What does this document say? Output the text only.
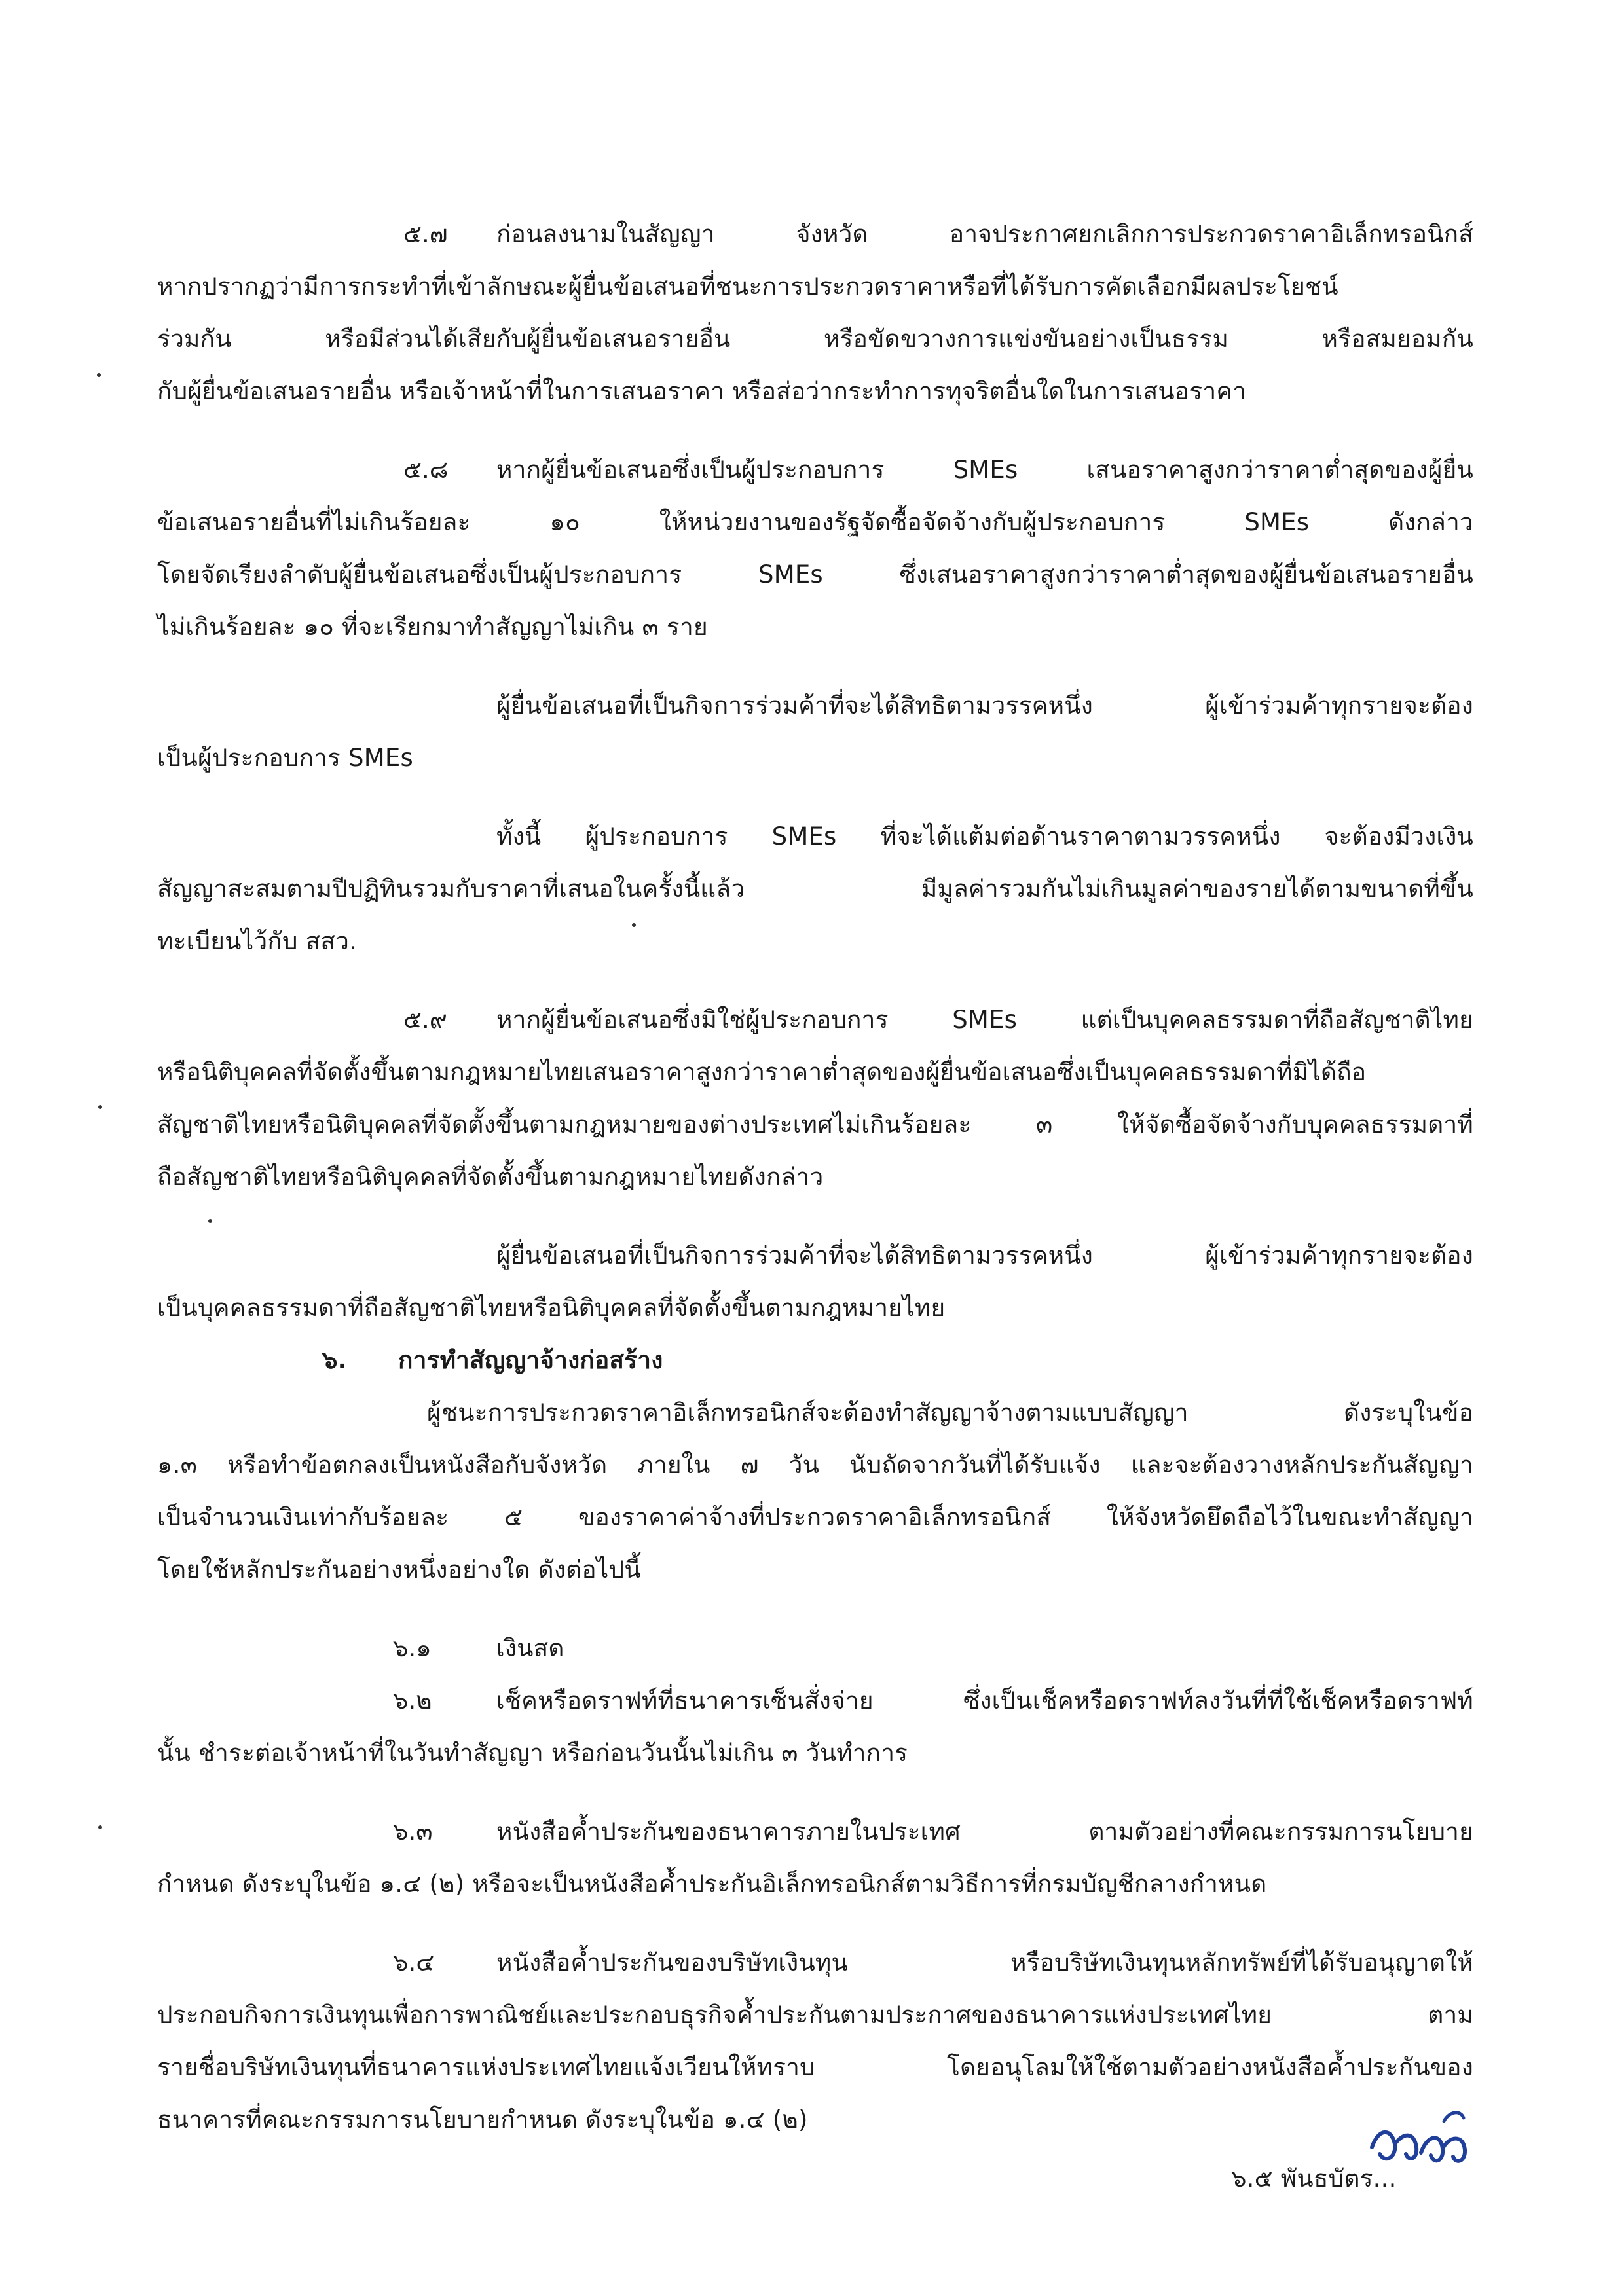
๕.๗ ก่อนลงนามในสัญญา จังหวัด อาจประกาศยกเลิกการประกวดราคาอิเล็กทรอนิกส์

หากปรากฏว่ามีการกระทำที่เข้าลักษณะผู้ยื่นข้อเสนอที่ชนะการประกวดราคาหรือที่ได้รับการคัดเลือกมีผลประโยชน์

ร่วมกัน หรือมีส่วนได้เสียกับผู้ยื่นข้อเสนอรายอื่น หรือขัดขวางการแข่งขันอย่างเป็นธรรม หรือสมยอมกัน

กับผู้ยื่นข้อเสนอรายอื่น หรือเจ้าหน้าที่ในการเสนอราคา หรือส่อว่ากระทำการทุจริตอื่นใดในการเสนอราคา

๕.๘ หากผู้ยื่นข้อเสนอซึ่งเป็นผู้ประกอบการ SMEs เสนอราคาสูงกว่าราคาต่ำสุดของผู้ยื่น

ข้อเสนอรายอื่นที่ไม่เกินร้อยละ ๑๐ ให้หน่วยงานของรัฐจัดซื้อจัดจ้างกับผู้ประกอบการ SMEs ดังกล่าว

โดยจัดเรียงลำดับผู้ยื่นข้อเสนอซึ่งเป็นผู้ประกอบการ SMEs ซึ่งเสนอราคาสูงกว่าราคาต่ำสุดของผู้ยื่นข้อเสนอรายอื่น

ไม่เกินร้อยละ ๑๐ ที่จะเรียกมาทำสัญญาไม่เกิน ๓ ราย

ผู้ยื่นข้อเสนอที่เป็นกิจการร่วมค้าที่จะได้สิทธิตามวรรคหนึ่ง ผู้เข้าร่วมค้าทุกรายจะต้อง

เป็นผู้ประกอบการ SMEs

ทั้งนี้ ผู้ประกอบการ SMEs ที่จะได้แต้มต่อด้านราคาตามวรรคหนึ่ง จะต้องมีวงเงิน

สัญญาสะสมตามปีปฏิทินรวมกับราคาที่เสนอในครั้งนี้แล้ว มีมูลค่ารวมกันไม่เกินมูลค่าของรายได้ตามขนาดที่ขึ้น

ทะเบียนไว้กับ สสว.

๕.๙ หากผู้ยื่นข้อเสนอซึ่งมิใช่ผู้ประกอบการ SMEs แต่เป็นบุคคลธรรมดาที่ถือสัญชาติไทย

หรือนิติบุคคลที่จัดตั้งขึ้นตามกฎหมายไทยเสนอราคาสูงกว่าราคาต่ำสุดของผู้ยื่นข้อเสนอซึ่งเป็นบุคคลธรรมดาที่มิได้ถือ

สัญชาติไทยหรือนิติบุคคลที่จัดตั้งขึ้นตามกฎหมายของต่างประเทศไม่เกินร้อยละ ๓ ให้จัดซื้อจัดจ้างกับบุคคลธรรมดาที่

ถือสัญชาติไทยหรือนิติบุคคลที่จัดตั้งขึ้นตามกฎหมายไทยดังกล่าว

ผู้ยื่นข้อเสนอที่เป็นกิจการร่วมค้าที่จะได้สิทธิตามวรรคหนึ่ง ผู้เข้าร่วมค้าทุกรายจะต้อง

เป็นบุคคลธรรมดาที่ถือสัญชาติไทยหรือนิติบุคคลที่จัดตั้งขึ้นตามกฎหมายไทย

๖. การทำสัญญาจ้างก่อสร้าง

ผู้ชนะการประกวดราคาอิเล็กทรอนิกส์จะต้องทำสัญญาจ้างตามแบบสัญญา ดังระบุในข้อ

๑.๓ หรือทำข้อตกลงเป็นหนังสือกับจังหวัด ภายใน ๗ วัน นับถัดจากวันที่ได้รับแจ้ง และจะต้องวางหลักประกันสัญญา

เป็นจำนวนเงินเท่ากับร้อยละ ๕ ของราคาค่าจ้างที่ประกวดราคาอิเล็กทรอนิกส์ ให้จังหวัดยึดถือไว้ในขณะทำสัญญา

โดยใช้หลักประกันอย่างหนึ่งอย่างใด ดังต่อไปนี้

๖.๑	เงินสด

๖.๒	เช็คหรือดราฟท์ที่ธนาคารเซ็นสั่งจ่าย ซึ่งเป็นเช็คหรือดราฟท์ลงวันที่ที่ใช้เช็คหรือดราฟท์

นั้น ชำระต่อเจ้าหน้าที่ในวันทำสัญญา หรือก่อนวันนั้นไม่เกิน ๓ วันทำการ

๖.๓	หนังสือค้ำประกันของธนาคารภายในประเทศ ตามตัวอย่างที่คณะกรรมการนโยบาย

กำหนด ดังระบุในข้อ ๑.๔ (๒) หรือจะเป็นหนังสือค้ำประกันอิเล็กทรอนิกส์ตามวิธีการที่กรมบัญชีกลางกำหนด

๖.๔	หนังสือค้ำประกันของบริษัทเงินทุน หรือบริษัทเงินทุนหลักทรัพย์ที่ได้รับอนุญาตให้

ประกอบกิจการเงินทุนเพื่อการพาณิชย์และประกอบธุรกิจค้ำประกันตามประกาศของธนาคารแห่งประเทศไทย ตาม

รายชื่อบริษัทเงินทุนที่ธนาคารแห่งประเทศไทยแจ้งเวียนให้ทราบ โดยอนุโลมให้ใช้ตามตัวอย่างหนังสือค้ำประกันของ

ธนาคารที่คณะกรรมการนโยบายกำหนด ดังระบุในข้อ ๑.๔ (๒)

๖.๕ พันธบัตร...
